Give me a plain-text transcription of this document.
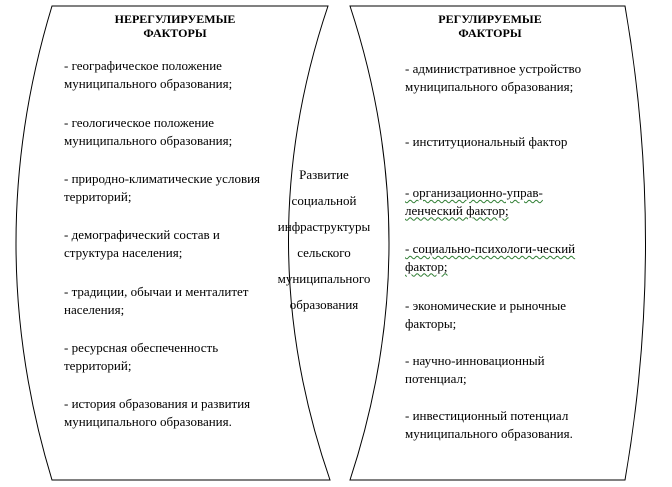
НЕРЕГУЛИРУЕМЫЕ
ФАКТОРЫ
- географическое положение муниципального образования;
- геологическое положение муниципального образования;
- природно-климатические условия территорий;
- демографический состав и структура населения;
- традиции, обычаи и менталитет населения;
- ресурсная обеспеченность территорий;
- история образования и развития муниципального образования.
Развитие
социальной
инфраструктуры
сельского
муниципального
образования
РЕГУЛИРУЕМЫЕ
ФАКТОРЫ
- административное устройство муниципального образования;
- институциональный фактор
- организационно-управ-ленческий фактор;
- социально-психологи-ческий фактор;
- экономические и рыночные факторы;
- научно-инновационный потенциал;
- инвестиционный потенциал муниципального образования.
